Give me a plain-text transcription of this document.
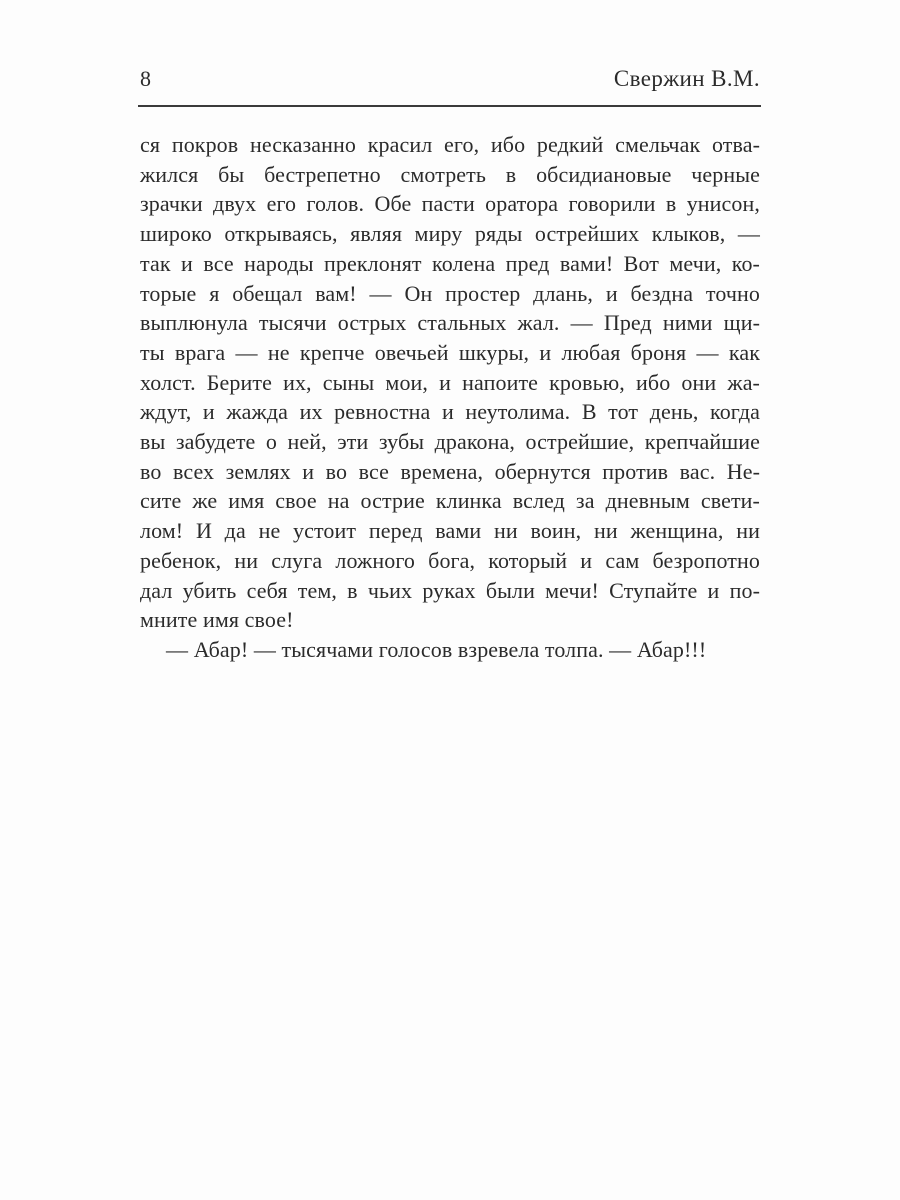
8	Свержин В.М.
ся покров несказанно красил его, ибо редкий смельчак отва-
жился бы бестрепетно смотреть в обсидиановые черные
зрачки двух его голов. Обе пасти оратора говорили в унисон,
широко открываясь, являя миру ряды острейших клыков, —
так и все народы преклонят колена пред вами! Вот мечи, ко-
торые я обещал вам! — Он простер длань, и бездна точно
выплюнула тысячи острых стальных жал. — Пред ними щи-
ты врага — не крепче овечьей шкуры, и любая броня — как
холст. Берите их, сыны мои, и напоите кровью, ибо они жа-
ждут, и жажда их ревностна и неутолима. В тот день, когда
вы забудете о ней, эти зубы дракона, острейшие, крепчайшие
во всех землях и во все времена, обернутся против вас. Не-
сите же имя свое на острие клинка вслед за дневным свети-
лом! И да не устоит перед вами ни воин, ни женщина, ни
ребенок, ни слуга ложного бога, который и сам безропотно
дал убить себя тем, в чьих руках были мечи! Ступайте и по-
мните имя свое!
— Абар! — тысячами голосов взревела толпа. — Абар!!!
